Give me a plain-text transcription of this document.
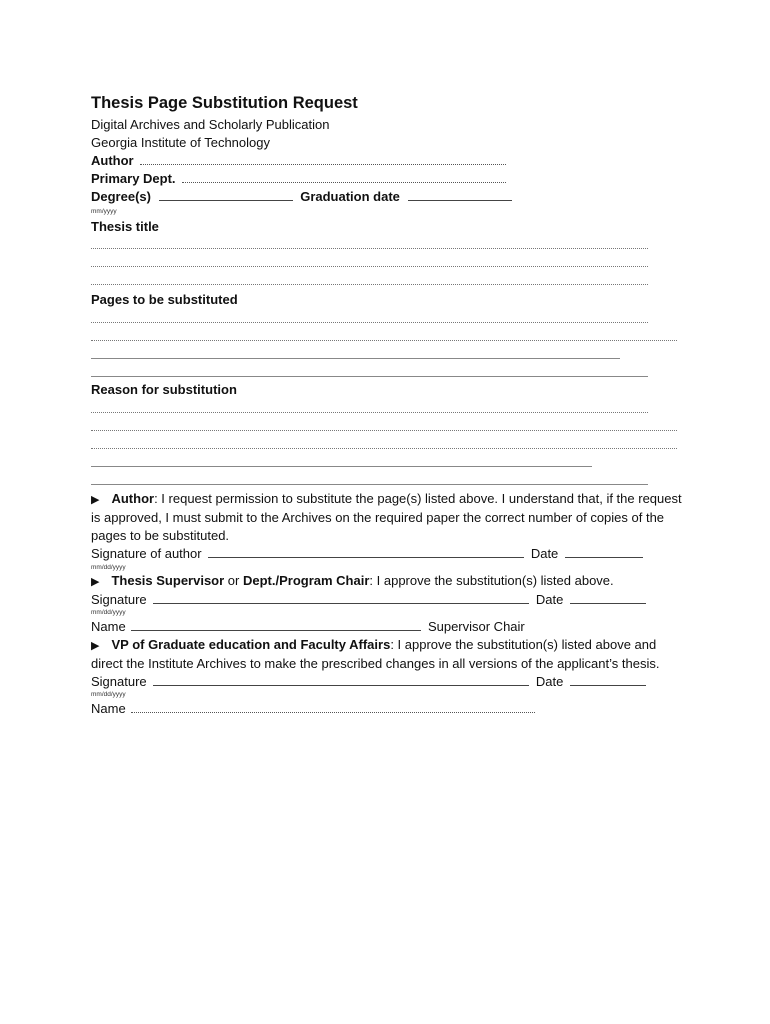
Thesis Page Substitution Request
Digital Archives and Scholarly Publication
Georgia Institute of Technology
Author
Primary Dept.
Degree(s)	Graduation date
mm/yyyy
Thesis title
Pages to be substituted
Reason for substitution
▶ Author: I request permission to substitute the page(s) listed above. I understand that, if the request is approved, I must submit to the Archives on the required paper the correct number of copies of the pages to be substituted.
Signature of author	Date
mm/dd/yyyy
▶ Thesis Supervisor or Dept./Program Chair: I approve the substitution(s) listed above.
Signature	Date
mm/dd/yyyy
Name	Supervisor Chair
▶ VP of Graduate education and Faculty Affairs: I approve the substitution(s) listed above and direct the Institute Archives to make the prescribed changes in all versions of the applicant’s thesis.
Signature	Date
mm/dd/yyyy
Name
